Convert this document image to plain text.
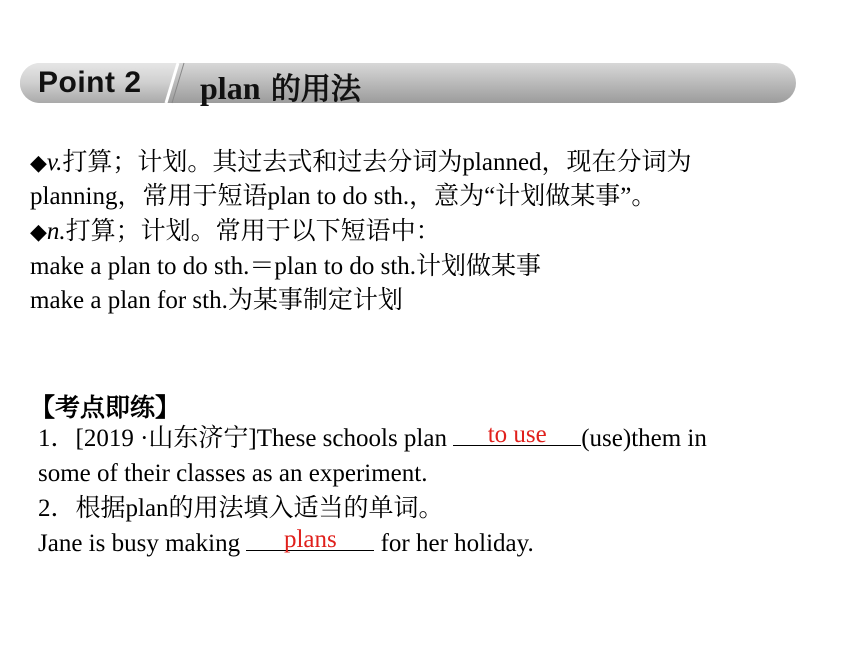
Point 2 plan 的用法
◆v.打算；计划。其过去式和过去分词为planned，现在分词为
planning，常用于短语plan to do sth.，意为“计划做某事”。
◆n.打算；计划。常用于以下短语中：
make a plan to do sth.＝plan to do sth.计划做某事
make a plan for sth.为某事制定计划
【考点即练】
1．[2019 ·山东济宁]These schools plan	to use	(use)them in
some of their classes as an experiment.
2．根据plan的用法填入适当的单词。
Jane is busy making	plans	for her holiday.
